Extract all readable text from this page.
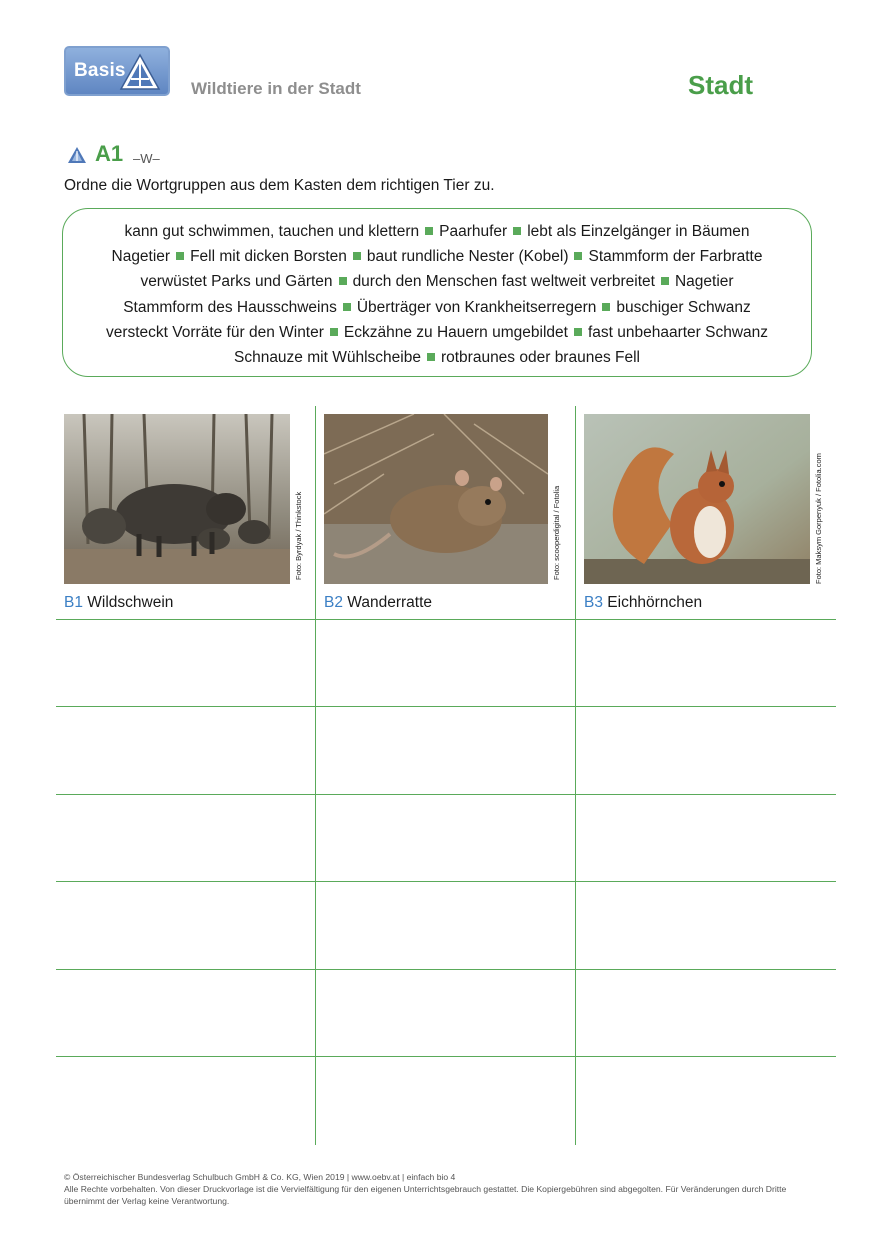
Basis
Wildtiere in der Stadt	Stadt
A1 –W–
Ordne die Wortgruppen aus dem Kasten dem richtigen Tier zu.
kann gut schwimmen, tauchen und klettern Paarhufer lebt als Einzelgänger in Bäumen
Nagetier Fell mit dicken Borsten baut rundliche Nester (Kobel) Stammform der Farbratte
verwüstet Parks und Gärten durch den Menschen fast weltweit verbreitet Nagetier
Stammform des Hausschweins Überträger von Krankheitserregern buschiger Schwanz
versteckt Vorräte für den Winter Eckzähne zu Hauern umgebildet fast unbehaarter Schwanz
Schnauze mit Wühlscheibe rotbraunes oder braunes Fell
Foto: Byrdyak / Thinkstock	Foto: scooperdigital / Fotolia	Foto: Maksym Gorpenyuk / Fotolia.com
B1 Wildschwein	B2 Wanderratte	B3 Eichhörnchen
© Österreichischer Bundesverlag Schulbuch GmbH & Co. KG, Wien 2019 | www.oebv.at | einfach bio 4
Alle Rechte vorbehalten. Von dieser Druckvorlage ist die Vervielfältigung für den eigenen Unterrichtsgebrauch gestattet. Die Kopiergebühren sind abgegolten. Für Veränderungen durch Dritte übernimmt der Verlag keine Verantwortung.
